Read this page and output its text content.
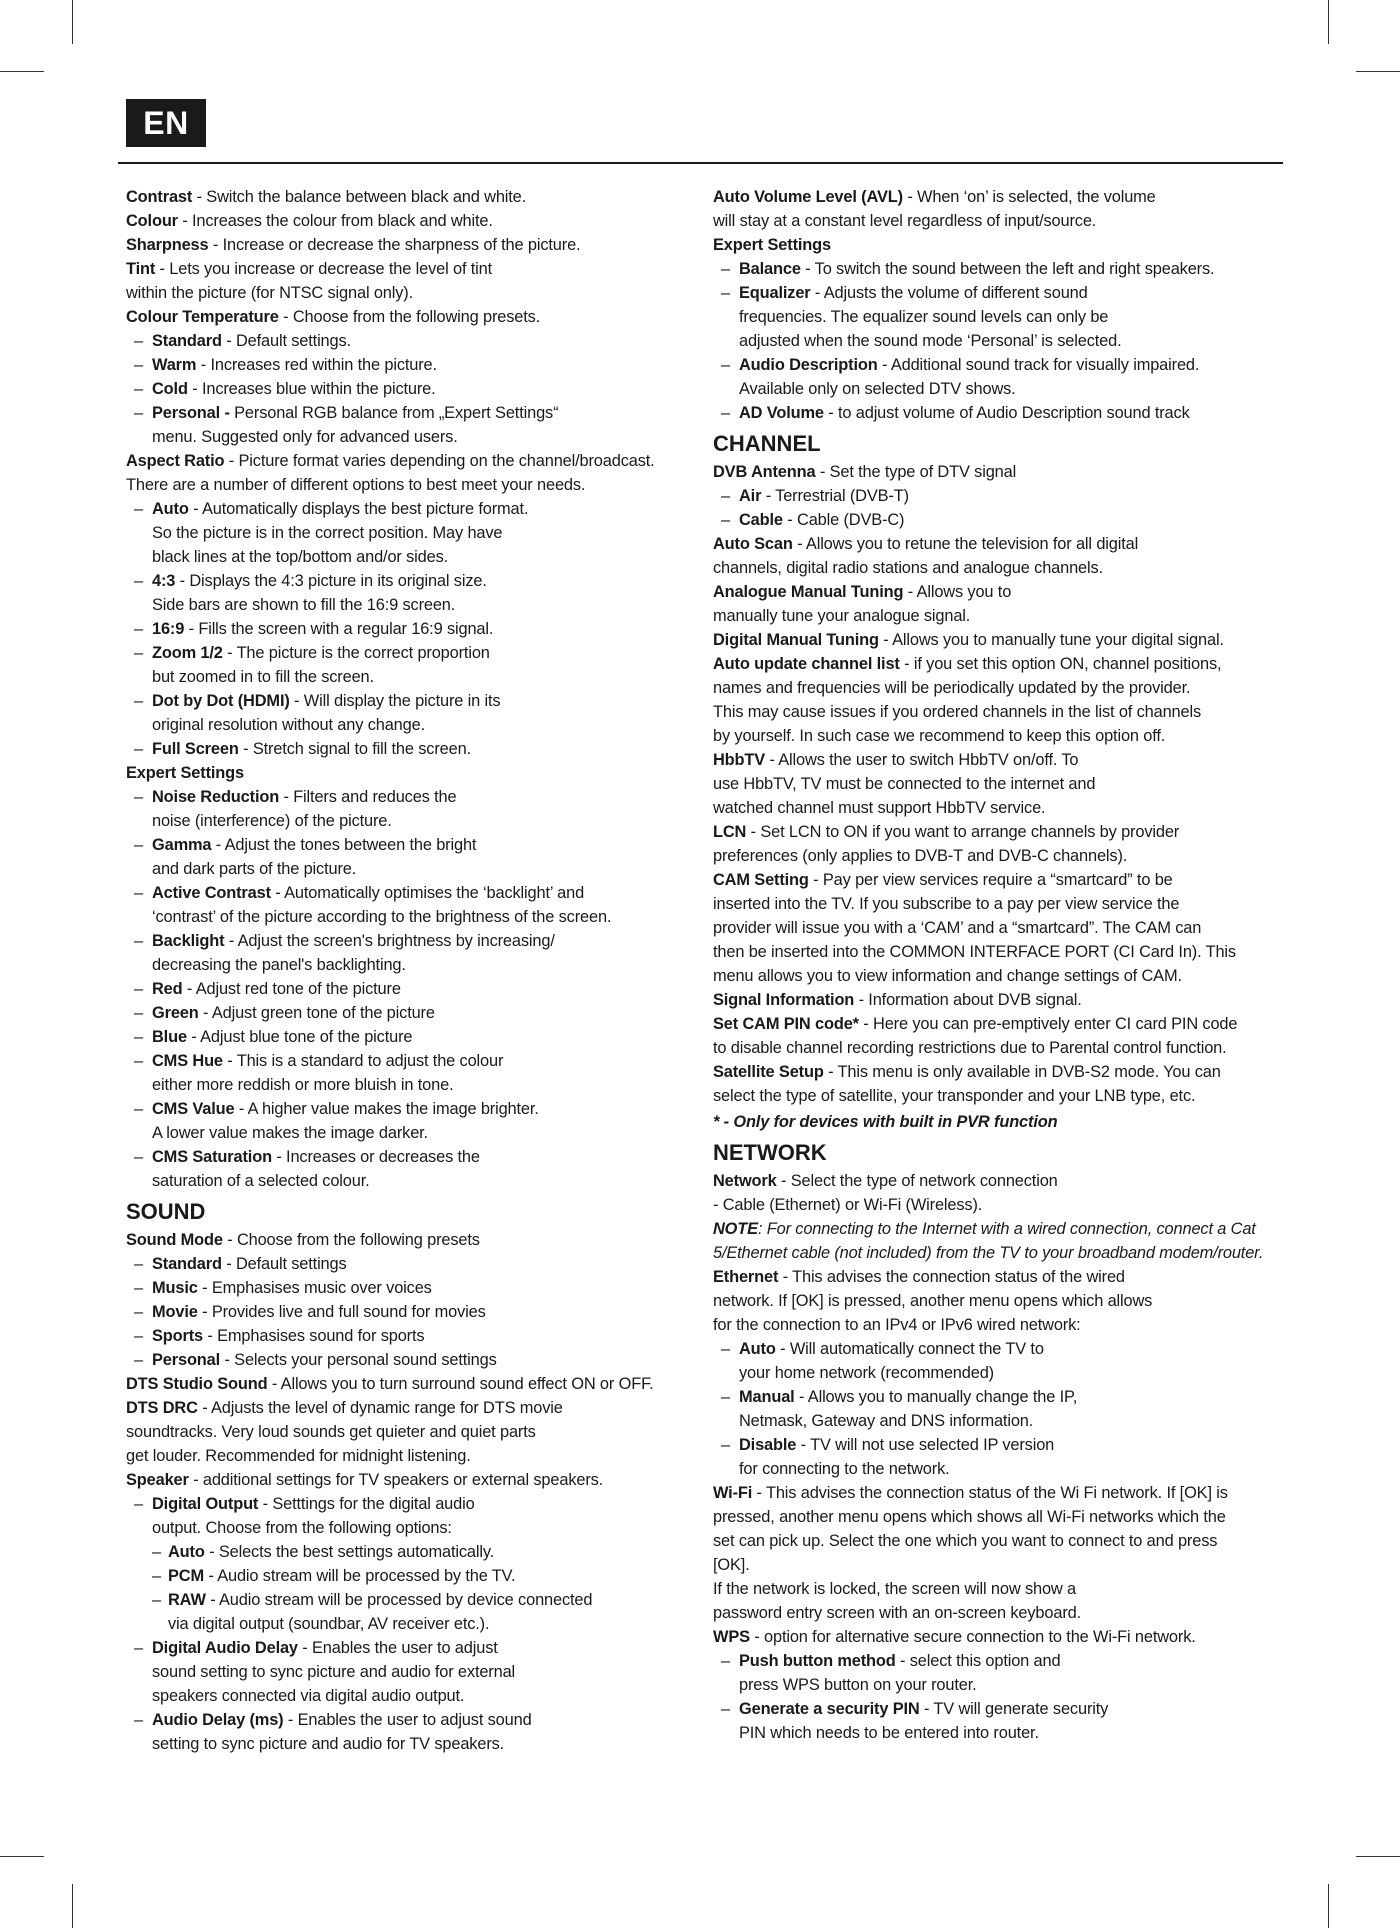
EN
Contrast - Switch the balance between black and white.
Colour - Increases the colour from black and white.
Sharpness - Increase or decrease the sharpness of the picture.
Tint - Lets you increase or decrease the level of tint
within the picture (for NTSC signal only).
Colour Temperature - Choose from the following presets.
– Standard - Default settings.
– Warm - Increases red within the picture.
– Cold - Increases blue within the picture.
– Personal - Personal RGB balance from „Expert Settings“
menu. Suggested only for advanced users.
Aspect Ratio - Picture format varies depending on the channel/broadcast.
There are a number of different options to best meet your needs.
– Auto - Automatically displays the best picture format.
So the picture is in the correct position. May have
black lines at the top/bottom and/or sides.
– 4:3 - Displays the 4:3 picture in its original size.
Side bars are shown to fill the 16:9 screen.
– 16:9 - Fills the screen with a regular 16:9 signal.
– Zoom 1/2 - The picture is the correct proportion
but zoomed in to fill the screen.
– Dot by Dot (HDMI) - Will display the picture in its
original resolution without any change.
– Full Screen - Stretch signal to fill the screen.
Expert Settings
– Noise Reduction - Filters and reduces the
noise (interference) of the picture.
– Gamma - Adjust the tones between the bright
and dark parts of the picture.
– Active Contrast - Automatically optimises the ‘backlight’ and
‘contrast’ of the picture according to the brightness of the screen.
– Backlight - Adjust the screen's brightness by increasing/
decreasing the panel's backlighting.
– Red - Adjust red tone of the picture
– Green - Adjust green tone of the picture
– Blue - Adjust blue tone of the picture
– CMS Hue - This is a standard to adjust the colour
either more reddish or more bluish in tone.
– CMS Value - A higher value makes the image brighter.
A lower value makes the image darker.
– CMS Saturation - Increases or decreases the
saturation of a selected colour.
SOUND
Sound Mode - Choose from the following presets
– Standard - Default settings
– Music - Emphasises music over voices
– Movie - Provides live and full sound for movies
– Sports - Emphasises sound for sports
– Personal - Selects your personal sound settings
DTS Studio Sound - Allows you to turn surround sound effect ON or OFF.
DTS DRC - Adjusts the level of dynamic range for DTS movie
soundtracks. Very loud sounds get quieter and quiet parts
get louder. Recommended for midnight listening.
Speaker - additional settings for TV speakers or external speakers.
– Digital Output - Setttings for the digital audio
output. Choose from the following options:
– Auto - Selects the best settings automatically.
– PCM - Audio stream will be processed by the TV.
– RAW - Audio stream will be processed by device connected
via digital output (soundbar, AV receiver etc.).
– Digital Audio Delay - Enables the user to adjust
sound setting to sync picture and audio for external
speakers connected via digital audio output.
– Audio Delay (ms) - Enables the user to adjust sound
setting to sync picture and audio for TV speakers.
Auto Volume Level (AVL) - When ‘on’ is selected, the volume
will stay at a constant level regardless of input/source.
Expert Settings
– Balance - To switch the sound between the left and right speakers.
– Equalizer - Adjusts the volume of different sound
frequencies. The equalizer sound levels can only be
adjusted when the sound mode ‘Personal’ is selected.
– Audio Description - Additional sound track for visually impaired.
Available only on selected DTV shows.
– AD Volume - to adjust volume of Audio Description sound track
CHANNEL
DVB Antenna - Set the type of DTV signal
– Air - Terrestrial (DVB-T)
– Cable - Cable (DVB-C)
Auto Scan - Allows you to retune the television for all digital
channels, digital radio stations and analogue channels.
Analogue Manual Tuning - Allows you to
manually tune your analogue signal.
Digital Manual Tuning - Allows you to manually tune your digital signal.
Auto update channel list - if you set this option ON, channel positions,
names and frequencies will be periodically updated by the provider.
This may cause issues if you ordered channels in the list of channels
by yourself. In such case we recommend to keep this option off.
HbbTV - Allows the user to switch HbbTV on/off. To
use HbbTV, TV must be connected to the internet and
watched channel must support HbbTV service.
LCN - Set LCN to ON if you want to arrange channels by provider
preferences (only applies to DVB-T and DVB-C channels).
CAM Setting - Pay per view services require a “smartcard” to be
inserted into the TV. If you subscribe to a pay per view service the
provider will issue you with a ‘CAM’ and a “smartcard”. The CAM can
then be inserted into the COMMON INTERFACE PORT (CI Card In). This
menu allows you to view information and change settings of CAM.
Signal Information - Information about DVB signal.
Set CAM PIN code* - Here you can pre-emptively enter CI card PIN code
to disable channel recording restrictions due to Parental control function.
Satellite Setup - This menu is only available in DVB-S2 mode. You can
select the type of satellite, your transponder and your LNB type, etc.
* - Only for devices with built in PVR function
NETWORK
Network - Select the type of network connection
- Cable (Ethernet) or Wi-Fi (Wireless).
NOTE: For connecting to the Internet with a wired connection, connect a Cat
5/Ethernet cable (not included) from the TV to your broadband modem/router.
Ethernet - This advises the connection status of the wired
network. If [OK] is pressed, another menu opens which allows
for the connection to an IPv4 or IPv6 wired network:
– Auto - Will automatically connect the TV to
your home network (recommended)
– Manual - Allows you to manually change the IP,
Netmask, Gateway and DNS information.
– Disable - TV will not use selected IP version
for connecting to the network.
Wi-Fi - This advises the connection status of the Wi Fi network. If [OK] is
pressed, another menu opens which shows all Wi-Fi networks which the
set can pick up. Select the one which you want to connect to and press
[OK].
If the network is locked, the screen will now show a
password entry screen with an on-screen keyboard.
WPS - option for alternative secure connection to the Wi-Fi network.
– Push button method - select this option and
press WPS button on your router.
– Generate a security PIN - TV will generate security
PIN which needs to be entered into router.
